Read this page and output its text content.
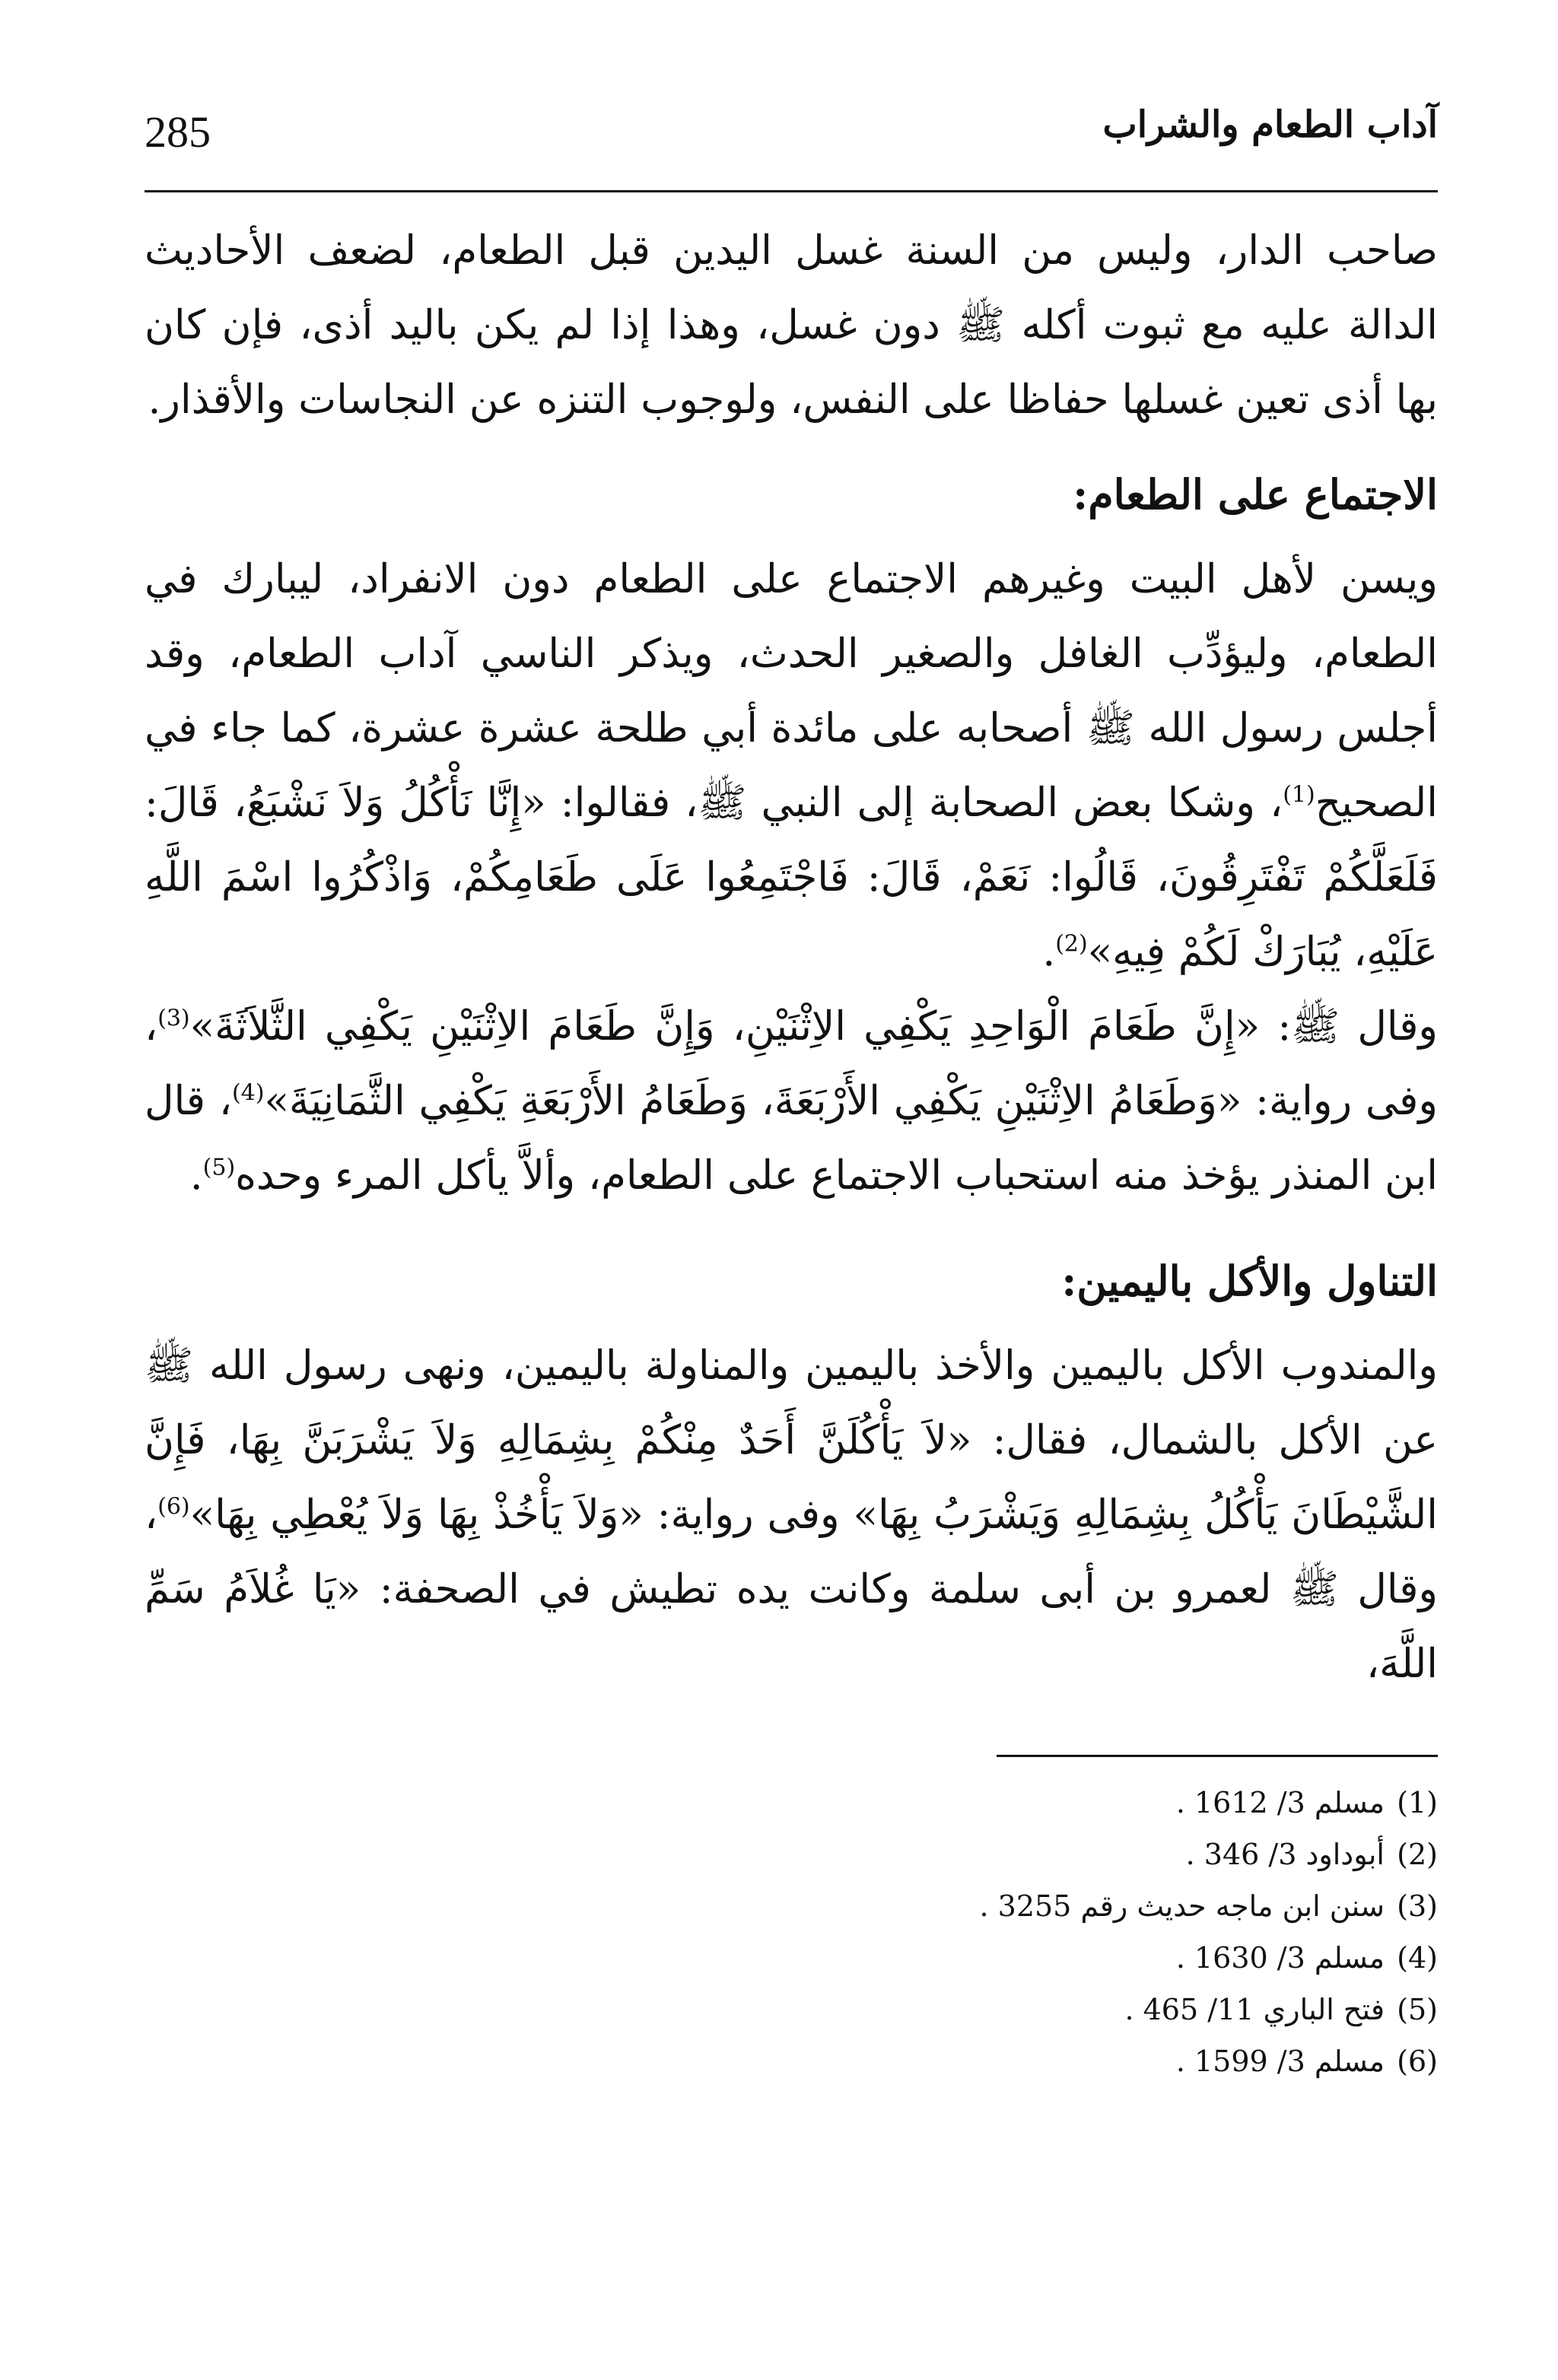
آداب الطعام والشراب
285

صاحب الدار، وليس من السنة غسل اليدين قبل الطعام، لضعف الأحاديث الدالة عليه مع ثبوت أكله ﷺ دون غسل، وهذا إذا لم يكن باليد أذى، فإن كان بها أذى تعين غسلها حفاظا على النفس، ولوجوب التنزه عن النجاسات والأقذار.

الاجتماع على الطعام:

ويسن لأهل البيت وغيرهم الاجتماع على الطعام دون الانفراد، ليبارك في الطعام، وليؤدِّب الغافل والصغير الحدث، ويذكر الناسي آداب الطعام، وقد أجلس رسول الله ﷺ أصحابه على مائدة أبي طلحة عشرة عشرة، كما جاء في الصحيح$^{(1)}$، وشكا بعض الصحابة إلى النبي ﷺ، فقالوا: «إِنَّا نَأْكُلُ وَلاَ نَشْبَعُ، قَالَ: فَلَعَلَّكُمْ تَفْتَرِقُونَ، قَالُوا: نَعَمْ، قَالَ: فَاجْتَمِعُوا عَلَى طَعَامِكُمْ، وَاذْكُرُوا اسْمَ اللَّهِ عَلَيْهِ، يُبَارَكْ لَكُمْ فِيهِ»$^{(2)}$.

وقال ﷺ: «إِنَّ طَعَامَ الْوَاحِدِ يَكْفِي الاِثْنَيْنِ، وَإِنَّ طَعَامَ الاِثْنَيْنِ يَكْفِي الثَّلاَثَةَ»$^{(3)}$، وفى رواية: «وَطَعَامُ الاِثْنَيْنِ يَكْفِي الأَرْبَعَةَ، وَطَعَامُ الأَرْبَعَةِ يَكْفِي الثَّمَانِيَةَ»$^{(4)}$، قال ابن المنذر يؤخذ منه استحباب الاجتماع على الطعام، وألاَّ يأكل المرء وحده$^{(5)}$.

التناول والأكل باليمين:

والمندوب الأكل باليمين والأخذ باليمين والمناولة باليمين، ونهى رسول الله ﷺ عن الأكل بالشمال، فقال: «لاَ يَأْكُلَنَّ أَحَدٌ مِنْكُمْ بِشِمَالِهِ وَلاَ يَشْرَبَنَّ بِهَا، فَإِنَّ الشَّيْطَانَ يَأْكُلُ بِشِمَالِهِ وَيَشْرَبُ بِهَا» وفى رواية: «وَلاَ يَأْخُذْ بِهَا وَلاَ يُعْطِي بِهَا»$^{(6)}$، وقال ﷺ لعمرو بن أبى سلمة وكانت يده تطيش في الصحفة: «يَا غُلاَمُ سَمِّ اللَّهَ،

(1)مسلم 3/ 1612 .
(2)أبوداود 3/ 346 .
(3)سنن ابن ماجه حديث رقم 3255 .
(4)مسلم 3/ 1630 .
(5)فتح الباري 11/ 465 .
(6)مسلم 3/ 1599 .
